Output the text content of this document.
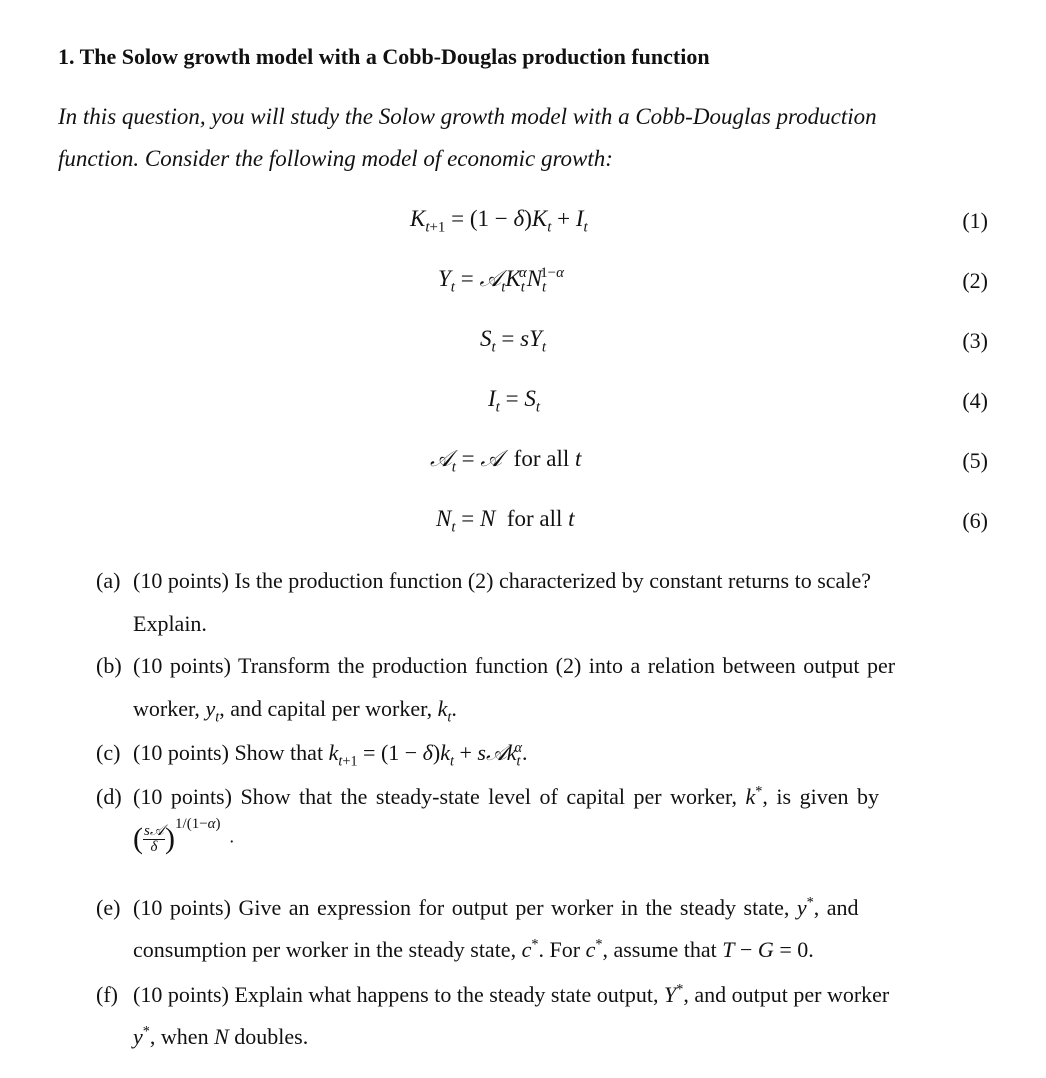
1. The Solow growth model with a Cobb-Douglas production function
In this question, you will study the Solow growth model with a Cobb-Douglas production
function. Consider the following model of economic growth:
$K_{t+1} = (1 - \delta)K_t + I_t$	(1)
$Y_t$ = $𝒜_tK_t^\alpha N_t^{1-\alpha}$	(2)
$S_t = sY_t$	(3)
$I_t = S_t$	(4)
𝒜$_t$ = 𝒜 for all t	(5)
$N_t = N$ for all t	(6)
(a) (10 points) Is the production function (2) characterized by constant returns to scale?
Explain.
(b) (10 points) Transform the production function (2) into a relation between output per
worker, $y_t$, and capital per worker, $k_t$.
(c) (10 points) Show that $k_{t+1} = (1 - \delta)k_t$ + s𝒜k$_t^\alpha$.
(d) (10 points) Show that the steady-state level of capital per worker, k*, is given by
( $\frac{\text{s𝒜}}{\delta} )^{1/(1-\alpha)}$  .
(e) (10 points) Give an expression for output per worker in the steady state, y*, and
consumption per worker in the steady state, c*. For c*, assume that T − G = 0.
(f) (10 points) Explain what happens to the steady state output, Y*, and output per worker
y*, when N doubles.
